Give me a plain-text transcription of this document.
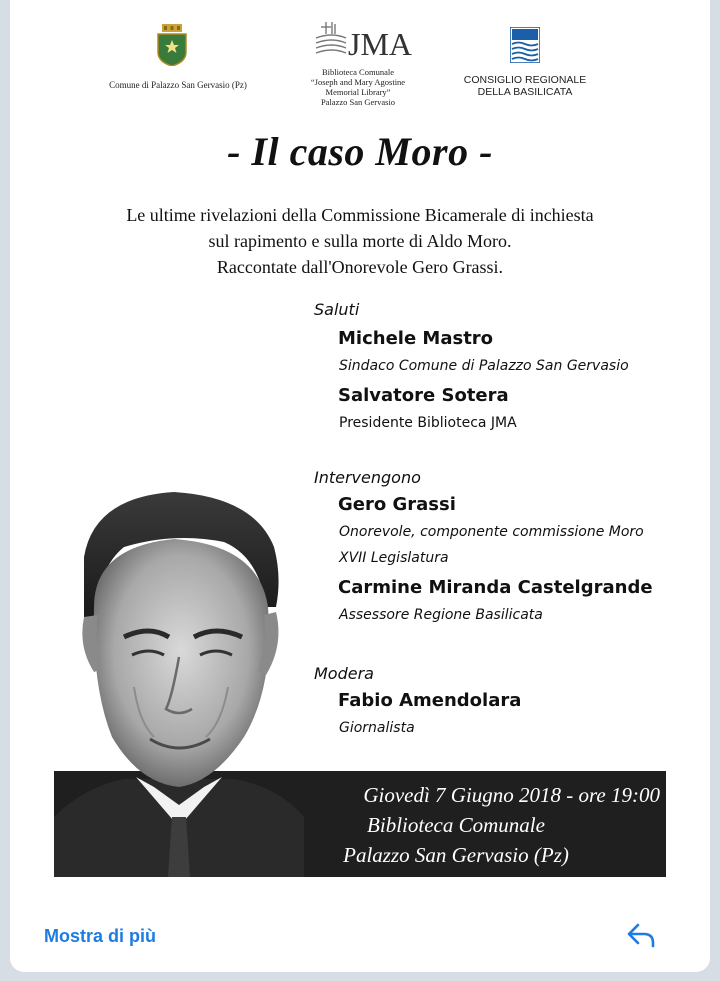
Comune di Palazzo San Gervasio (Pz)
JMA
Biblioteca Comunale
“Joseph and Mary Agostine
Memorial Library”
Palazzo San Gervasio
CONSIGLIO REGIONALE
DELLA BASILICATA
- Il caso Moro -
Le ultime rivelazioni della Commissione Bicamerale di inchiesta
sul rapimento e sulla morte di Aldo Moro.
Raccontate dall'Onorevole Gero Grassi.
Saluti
Michele Mastro
Sindaco Comune di Palazzo San Gervasio
Salvatore Sotera
Presidente Biblioteca JMA
Intervengono
Gero Grassi
Onorevole, componente commissione Moro
XVII Legislatura
Carmine Miranda Castelgrande
Assessore Regione Basilicata
Modera
Fabio Amendolara
Giornalista
Giovedì 7 Giugno 2018 - ore 19:00
Biblioteca Comunale
Palazzo San Gervasio (Pz)
Mostra di più
